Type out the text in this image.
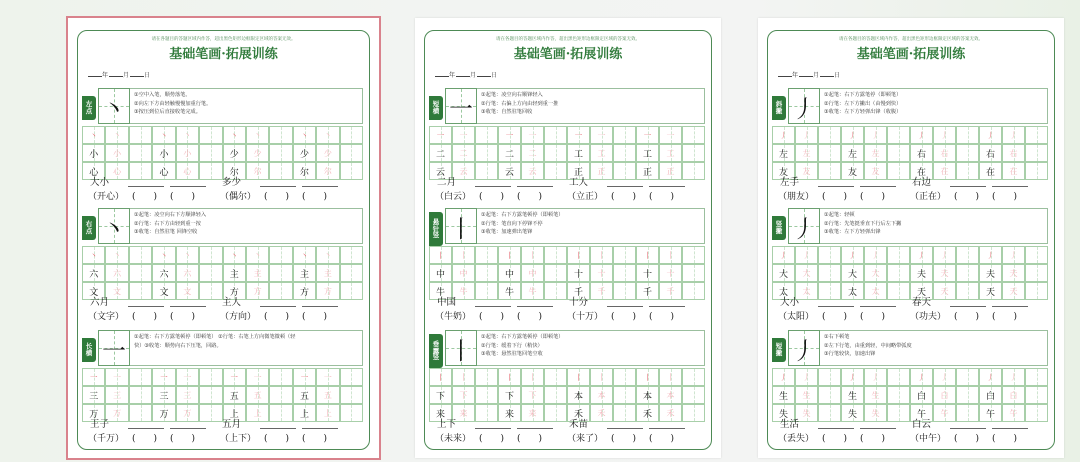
请在各题目的答题区域内作答，超出黑色矩形边框限定区域的答案无效。
基础笔画·拓展训练
年 月 日
左
点 丶 ①空中入笔，顺势落笔。
②向左下方由轻触慢慢加重行笔。
③按压到位后直接收笔完成。
丶 丶	丶 丶	丶 丶	丶 丶
小 小	小 小	少 少	少 少
心 心	心 心	尔 尔	尔 尔
大小	多少
（开心） (　　) (　　)	（偶尔） (　　) (　　)
右
点 丶 ①起笔：凌空向右下方顺锋轻入
②行笔：右下方由轻到重一按
③收笔：自然驻笔 回锋空收
丶 丶	丶 丶	丶 丶	丶 丶
六 六	六 六	主 主	主 主
文 文	文 文	方 方	方 方
六月	主人
（文字） (　　) (　　)	（方向） (　　) (　　)
长
横 一 ①起笔：右下方露笔顿停（即顿笔） ②行笔：右笔上方向微笔微顿（轻
快）③收笔：顺势向右下压笔，回路。
一 一	一 一	一 一	一 一
三 三	三 三	五 五	五 五
万 万	万 万	上 上	上 上
王子	五月
（千万） (　　) (　　)	（上下） (　　) (　　)
请在各题目的答题区域内作答，超出黑色矩形边框限定区域的答案无效。
基础笔画·拓展训练
年 月 日
短
横 一 ①起笔：凌空向右顺锋轻入
②行笔：右偏上方向由轻到重一推
③收笔：自然驻笔回收
一 一	一 一	一 一	一 一
二 二	二 二	工 工	工 工
云 云	云 云	正 正	正 正
二月	工人
（白云） (　　) (　　)	（立正） (　　) (　　)
悬
针
竖 丨 ①起笔：右下方露笔顿停（即顿笔）
②行笔：笔直向下停锋不停
③收笔：加速弹出笔锋
丨 丨	丨 丨	丨 丨	丨 丨
中 中	中 中	十 十	十 十
牛 牛	牛 牛	千 千	千 千
中国	十分
（牛奶） (　　) (　　)	（十万） (　　) (　　)
垂
露
竖 丨 ①起笔：右下方露笔顿停（即顿笔）
②行笔：缓着下行（稍快）
③收笔：悬然驻笔回笔空收
丨 丨	丨 丨	丨 丨	丨 丨
下 下	下 下	本 本	本 本
来 来	来 来	禾 禾	禾 禾
上下	禾苗
（未来） (　　) (　　)	（来了） (　　) (　　)
请在各题目的答题区域内作答，超出黑色矩形边框限定区域的答案无效。
基础笔画·拓展训练
年 月 日
斜
撇 丿 ①起笔：右下方露笔停（即顿笔）
②行笔：左下方撇出（由慢到快）
③收笔：左下方轻弹出锋（收腹）
丿 丿	丿 丿	丿 丿	丿 丿
左 左	左 左	右 右	右 右
友 友	友 友	在 在	在 在
左手	右边
（朋友） (　　) (　　)	（正在） (　　) (　　)
竖
撇 丿 ①起笔：轻顿
②行笔：先笔挺垂直下行后左下撇
③收笔：左下方轻弹出锋
丿 丿	丿 丿	丿 丿	丿 丿
大 大	大 大	夫 夫	夫 夫
太 太	太 太	天 天	天 天
大小	春天
（太阳） (　　) (　　)	（功夫） (　　) (　　)
短
撇 丿 ①右下顿笔
②左下行笔，由重到轻，中间略带弧度
③行笔较快，加速出锋
丿 丿	丿 丿	丿 丿	丿 丿
生 生	生 生	白 白	白 白
失 失	失 失	午 午	午 午
生活	白云
（丢失） (　　) (　　)	（中午） (　　) (　　)
